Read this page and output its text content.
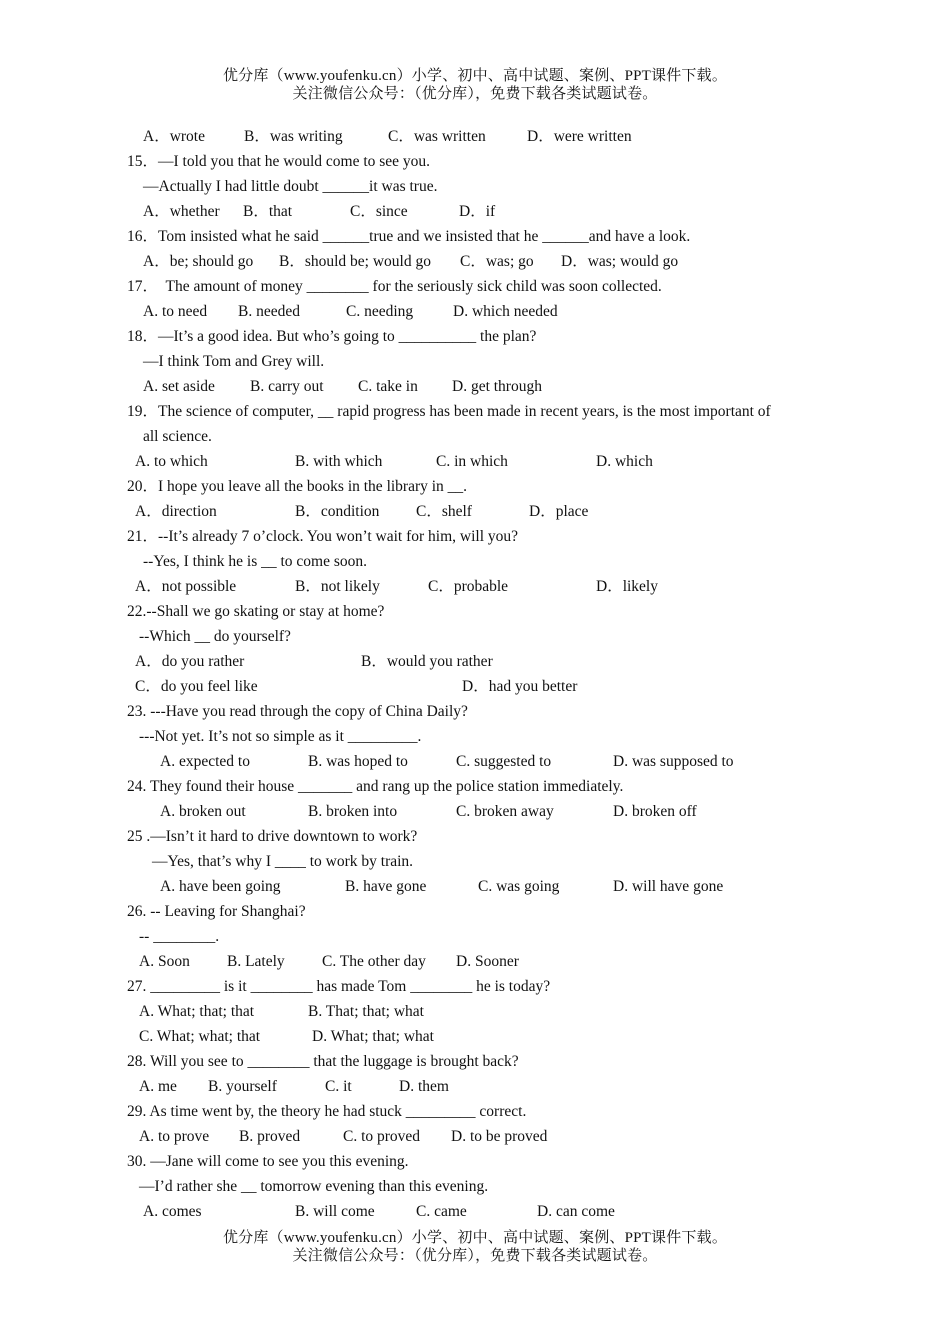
优分库（www.youfenku.cn）小学、初中、高中试题、案例、PPT课件下载。
关注微信公众号：（优分库），免费下载各类试题试卷。
A．wrote	B．was writing	C．was written	D．were written
15．—I told you that he would come to see you.
—Actually I had little doubt ______it was true.
A．whether B．that	C．since	D．if
16．Tom insisted what he said ______true and we insisted that he ______and have a look.
A．be; should go B．should be; would go C．was; go D．was; would go
17．  The amount of money ________ for the seriously sick child was soon collected.
A. to need B. needed	C. needing	D. which needed
18．—It’s a good idea. But who’s going to __________ the plan?
—I think Tom and Grey will.
A. set aside B. carry out C. take in D. get through
19．The science of computer, __ rapid progress has been made in recent years, is the most important of
all science.
A. to which	B. with which	C. in which	D. which
20．I hope you leave all the books in the library in __.
A．direction	B．condition C．shelf	D．place
21．--It’s already 7 o’clock. You won’t wait for him, will you?
--Yes, I think he is __ to come soon.
A．not possible	B．not likely	C．probable	D．likely
22.--Shall we go skating or stay at home?
--Which __ do yourself?
A．do you rather	B．would you rather
C．do you feel like	D．had you better
23. ---Have you read through the copy of China Daily?
---Not yet. It’s not so simple as it _________.
A. expected to	B. was hoped to	C. suggested to	D. was supposed to
24. They found their house _______ and rang up the police station immediately.
A. broken out	B. broken into	C. broken away	D. broken off
25 .—Isn’t it hard to drive downtown to work?
—Yes, that’s why I ____ to work by train.
A. have been going	B. have gone	C. was going	D. will have gone
26. -- Leaving for Shanghai?
-- ________.
A. Soon B. Lately C. The other day D. Sooner
27. _________ is it ________ has made Tom ________ he is today?
A. What; that; that	B. That; that; what
C. What; what; that	D. What; that; what
28. Will you see to ________ that the luggage is brought back?
A. me B. yourself	C. it	D. them
29. As time went by, the theory he had stuck _________ correct.
A. to prove B. proved	C. to proved D. to be proved
30. —Jane will come to see you this evening.
—I’d rather she __ tomorrow evening than this evening.
A. comes	B. will come	C. came	D. can come
优分库（www.youfenku.cn）小学、初中、高中试题、案例、PPT课件下载。
关注微信公众号：（优分库），免费下载各类试题试卷。
